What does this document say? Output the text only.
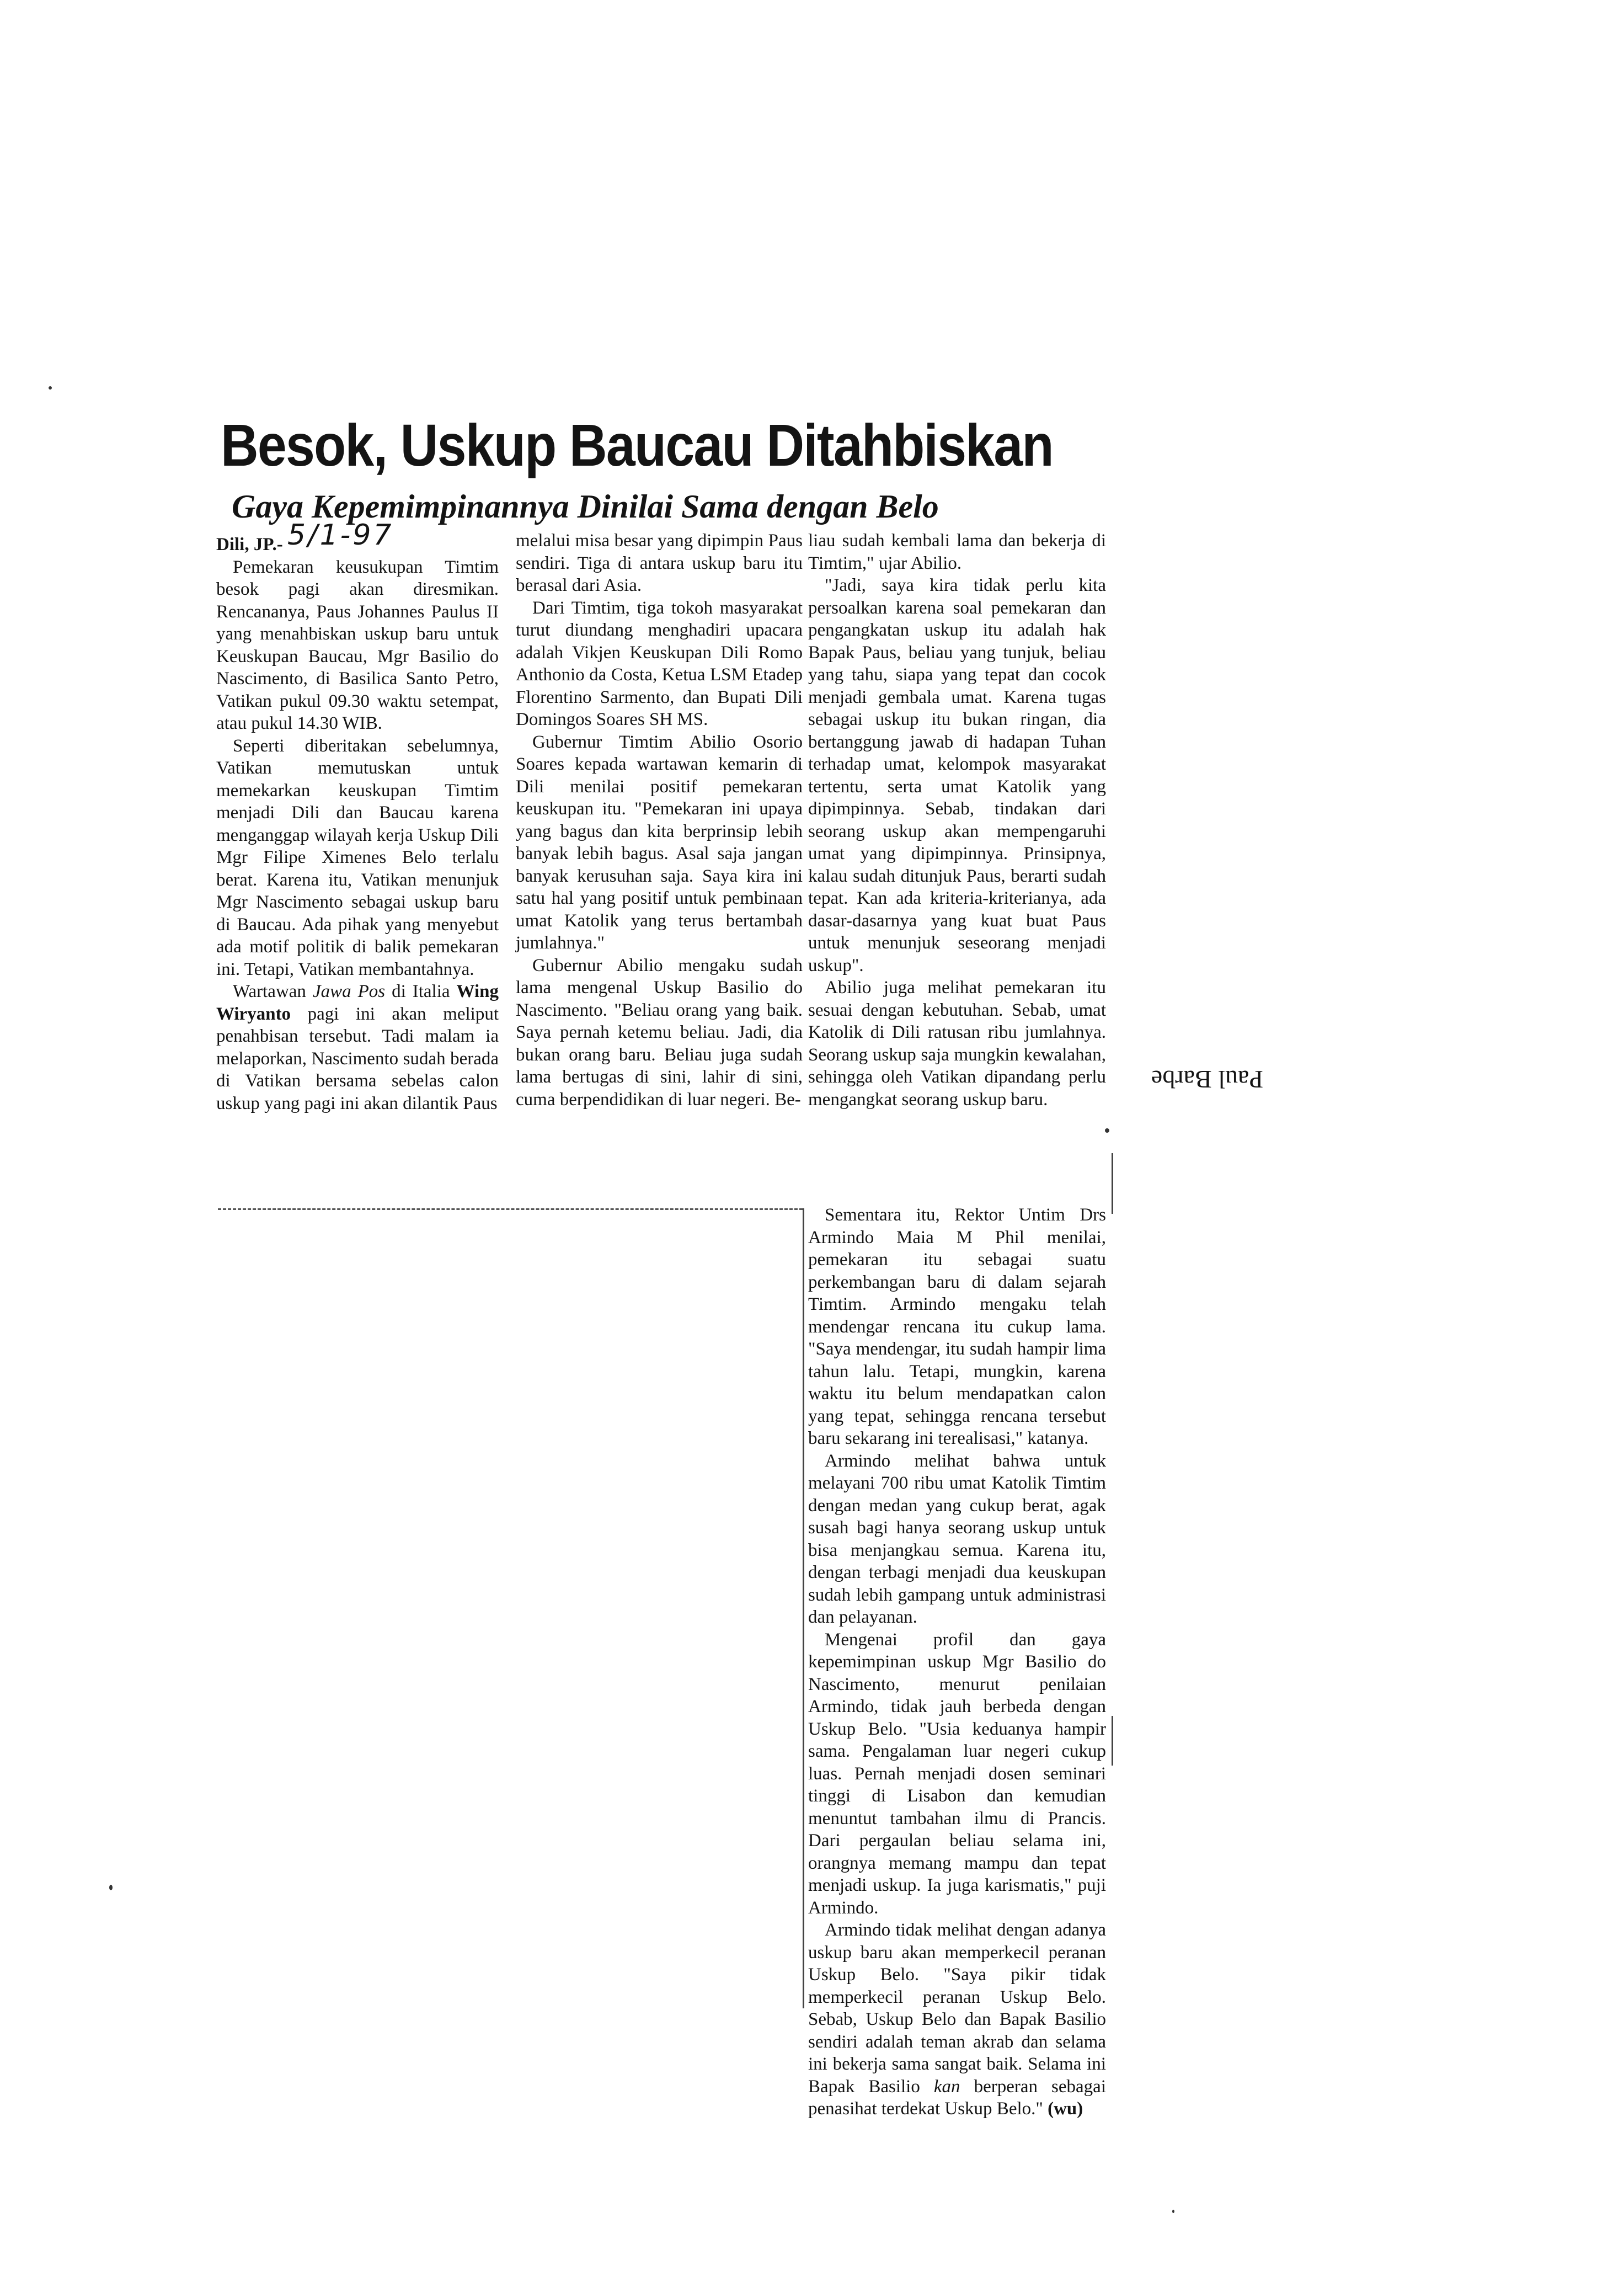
Besok, Uskup Baucau Ditahbiskan
Gaya Kepemimpinannya Dinilai Sama dengan Belo

Dili, JP.- 5/1-97

Pemekaran keusukupan Timtim besok pagi akan diresmikan. Rencananya, Paus Johannes Paulus II yang menahbiskan uskup baru untuk Keuskupan Baucau, Mgr Basilio do Nascimento, di Basilica Santo Petro, Vatikan pukul 09.30 waktu setempat, atau pukul 14.30 WIB.

Seperti diberitakan sebelumnya, Vatikan memutuskan untuk memekarkan keuskupan Timtim menjadi Dili dan Baucau karena menganggap wilayah kerja Uskup Dili Mgr Filipe Ximenes Belo terlalu berat. Karena itu, Vatikan menunjuk Mgr Nascimento sebagai uskup baru di Baucau. Ada pihak yang menyebut ada motif politik di balik pemekaran ini. Tetapi, Vatikan membantahnya.

Wartawan Jawa Pos di Italia Wing Wiryanto pagi ini akan meliput penahbisan tersebut. Tadi malam ia melaporkan, Nascimento sudah berada di Vatikan bersama sebelas calon uskup yang pagi ini akan dilantik Paus

melalui misa besar yang dipimpin Paus sendiri. Tiga di antara uskup baru itu berasal dari Asia.

Dari Timtim, tiga tokoh masyarakat turut diundang menghadiri upacara adalah Vikjen Keuskupan Dili Romo Anthonio da Costa, Ketua LSM Etadep Florentino Sarmento, dan Bupati Dili Domingos Soares SH MS.

Gubernur Timtim Abilio Osorio Soares kepada wartawan kemarin di Dili menilai positif pemekaran keuskupan itu. "Pemekaran ini upaya yang bagus dan kita berprinsip lebih banyak lebih bagus. Asal saja jangan banyak kerusuhan saja. Saya kira ini satu hal yang positif untuk pembinaan umat Katolik yang terus bertambah jumlahnya."

Gubernur Abilio mengaku sudah lama mengenal Uskup Basilio do Nascimento. "Beliau orang yang baik. Saya pernah ketemu beliau. Jadi, dia bukan orang baru. Beliau juga sudah lama bertugas di sini, lahir di sini, cuma berpendidikan di luar negeri. Be-

liau sudah kembali lama dan bekerja di Timtim," ujar Abilio.

"Jadi, saya kira tidak perlu kita persoalkan karena soal pemekaran dan pengangkatan uskup itu adalah hak Bapak Paus, beliau yang tunjuk, beliau yang tahu, siapa yang tepat dan cocok menjadi gembala umat. Karena tugas sebagai uskup itu bukan ringan, dia bertanggung jawab di hadapan Tuhan terhadap umat, kelompok masyarakat tertentu, serta umat Katolik yang dipimpinnya. Sebab, tindakan dari seorang uskup akan mempengaruhi umat yang dipimpinnya. Prinsipnya, kalau sudah ditunjuk Paus, berarti sudah tepat. Kan ada kriteria-kriterianya, ada dasar-dasarnya yang kuat buat Paus untuk menunjuk seseorang menjadi uskup".

Abilio juga melihat pemekaran itu sesuai dengan kebutuhan. Sebab, umat Katolik di Dili ratusan ribu jumlahnya. Seorang uskup saja mungkin kewalahan, sehingga oleh Vatikan dipandang perlu mengangkat seorang uskup baru.

Sementara itu, Rektor Untim Drs Armindo Maia M Phil menilai, pemekaran itu sebagai suatu perkembangan baru di dalam sejarah Timtim. Armindo mengaku telah mendengar rencana itu cukup lama. "Saya mendengar, itu sudah hampir lima tahun lalu. Tetapi, mungkin, karena waktu itu belum mendapatkan calon yang tepat, sehingga rencana tersebut baru sekarang ini terealisasi," katanya.

Armindo melihat bahwa untuk melayani 700 ribu umat Katolik Timtim dengan medan yang cukup berat, agak susah bagi hanya seorang uskup untuk bisa menjangkau semua. Karena itu, dengan terbagi menjadi dua keuskupan sudah lebih gampang untuk administrasi dan pelayanan.

Mengenai profil dan gaya kepemimpinan uskup Mgr Basilio do Nascimento, menurut penilaian Armindo, tidak jauh berbeda dengan Uskup Belo. "Usia keduanya hampir sama. Pengalaman luar negeri cukup luas. Pernah menjadi dosen seminari tinggi di Lisabon dan kemudian menuntut tambahan ilmu di Prancis. Dari pergaulan beliau selama ini, orangnya memang mampu dan tepat menjadi uskup. Ia juga karismatis," puji Armindo.

Armindo tidak melihat dengan adanya uskup baru akan memperkecil peranan Uskup Belo. "Saya pikir tidak memperkecil peranan Uskup Belo. Sebab, Uskup Belo dan Bapak Basilio sendiri adalah teman akrab dan selama ini bekerja sama sangat baik. Selama ini Bapak Basilio kan berperan sebagai penasihat terdekat Uskup Belo." (wu)

Paul Barbe
